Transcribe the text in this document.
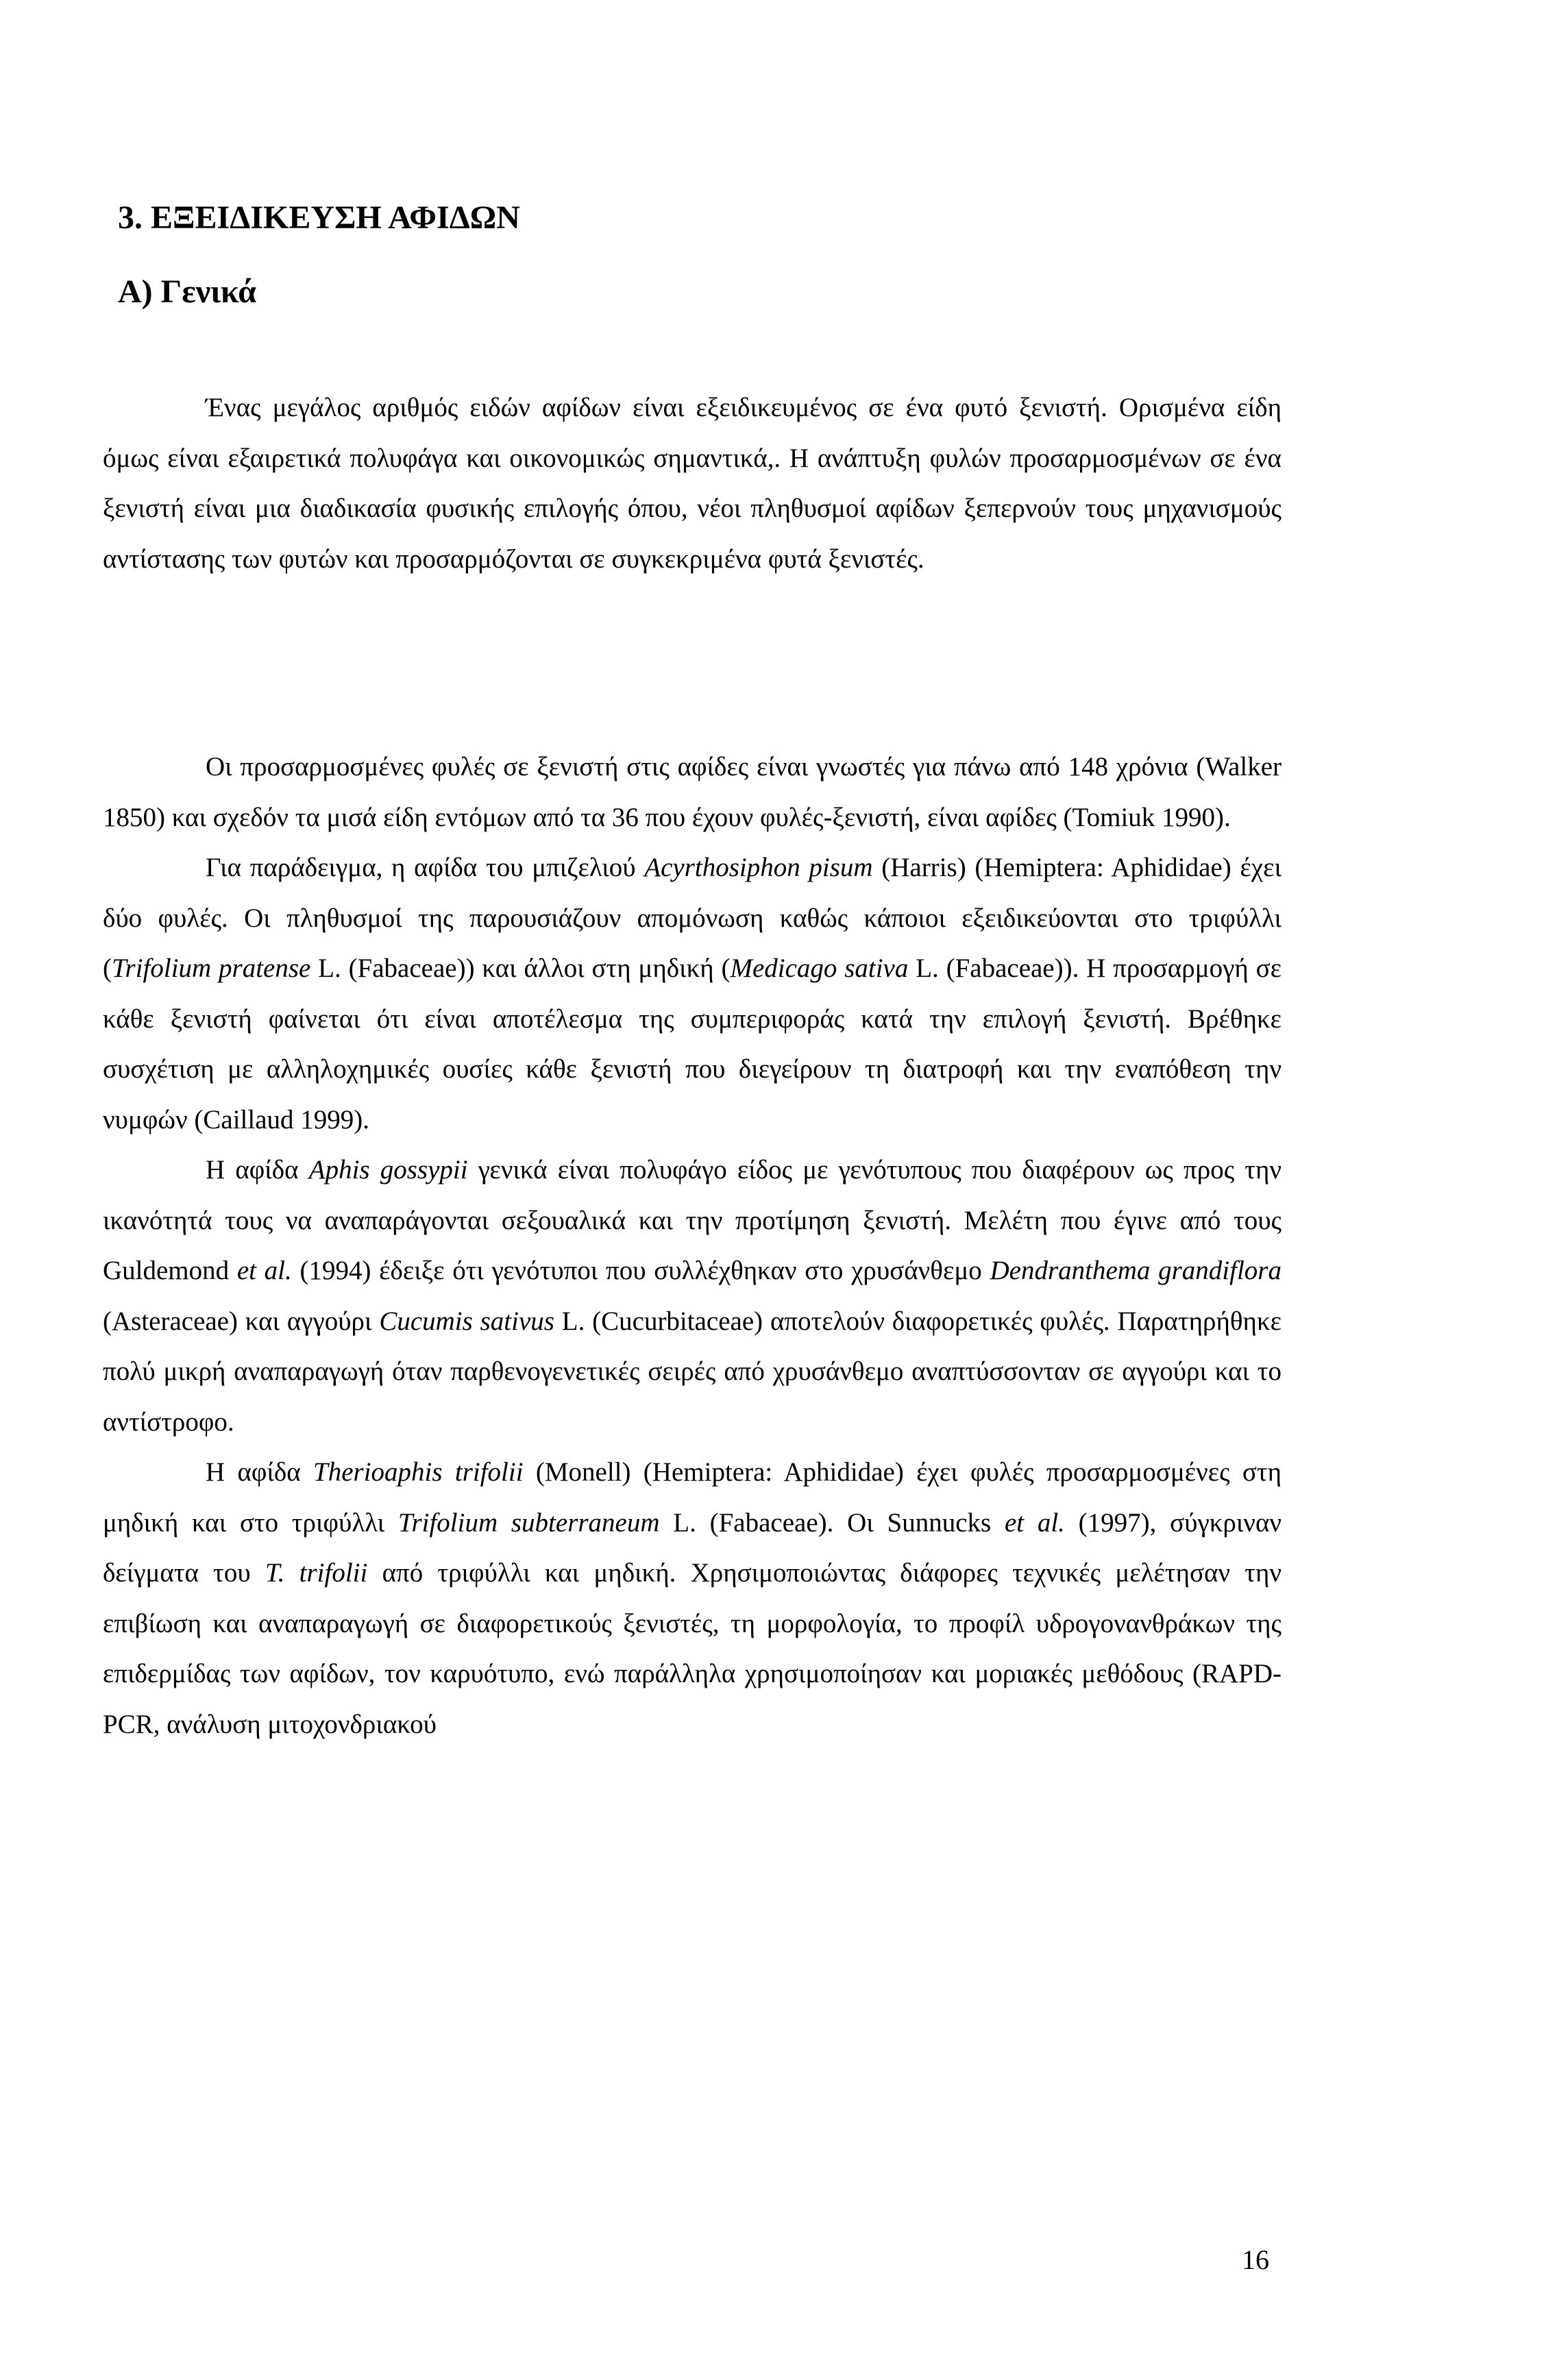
3. ΕΞΕΙΔΙΚΕΥΣΗ ΑΦΙΔΩΝ
Α) Γενικά

Ένας μεγάλος αριθμός ειδών αφίδων είναι εξειδικευμένος σε ένα φυτό ξενιστή. Ορισμένα είδη όμως είναι εξαιρετικά πολυφάγα και οικονομικώς σημαντικά,. Η ανάπτυξη φυλών προσαρμοσμένων σε ένα ξενιστή είναι μια διαδικασία φυσικής επιλογής όπου, νέοι πληθυσμοί αφίδων ξεπερνούν τους μηχανισμούς αντίστασης των φυτών και προσαρμόζονται σε συγκεκριμένα φυτά ξενιστές.

Οι προσαρμοσμένες φυλές σε ξενιστή στις αφίδες είναι γνωστές για πάνω από 148 χρόνια (Walker 1850) και σχεδόν τα μισά είδη εντόμων από τα 36 που έχουν φυλές-ξενιστή, είναι αφίδες (Tomiuk 1990).

Για παράδειγμα, η αφίδα του μπιζελιού Acyrthosiphon pisum (Harris) (Hemiptera: Aphididae) έχει δύο φυλές. Οι πληθυσμοί της παρουσιάζουν απομόνωση καθώς κάποιοι εξειδικεύονται στο τριφύλλι (Trifolium pratense L. (Fabaceae)) και άλλοι στη μηδική (Medicago sativa L. (Fabaceae)). Η προσαρμογή σε κάθε ξενιστή φαίνεται ότι είναι αποτέλεσμα της συμπεριφοράς κατά την επιλογή ξενιστή. Βρέθηκε συσχέτιση με αλληλοχημικές ουσίες κάθε ξενιστή που διεγείρουν τη διατροφή και την εναπόθεση την νυμφών (Caillaud 1999).

Η αφίδα Aphis gossypii γενικά είναι πολυφάγο είδος με γενότυπους που διαφέρουν ως προς την ικανότητά τους να αναπαράγονται σεξουαλικά και την προτίμηση ξενιστή. Μελέτη που έγινε από τους Guldemond et al. (1994) έδειξε ότι γενότυποι που συλλέχθηκαν στο χρυσάνθεμο Dendranthema grandiflora (Asteraceae) και αγγούρι Cucumis sativus L. (Cucurbitaceae) αποτελούν διαφορετικές φυλές. Παρατηρήθηκε πολύ μικρή αναπαραγωγή όταν παρθενογενετικές σειρές από χρυσάνθεμο αναπτύσσονταν σε αγγούρι και το αντίστροφο.

Η αφίδα Therioaphis trifolii (Monell) (Hemiptera: Aphididae) έχει φυλές προσαρμοσμένες στη μηδική και στο τριφύλλι Trifolium subterraneum L. (Fabaceae). Οι Sunnucks et al. (1997), σύγκριναν δείγματα του T. trifolii από τριφύλλι και μηδική. Χρησιμοποιώντας διάφορες τεχνικές μελέτησαν την επιβίωση και αναπαραγωγή σε διαφορετικούς ξενιστές, τη μορφολογία, το προφίλ υδρογονανθράκων της επιδερμίδας των αφίδων, τον καρυότυπο, ενώ παράλληλα χρησιμοποίησαν και μοριακές μεθόδους (RAPD-PCR, ανάλυση μιτοχονδριακού

16
